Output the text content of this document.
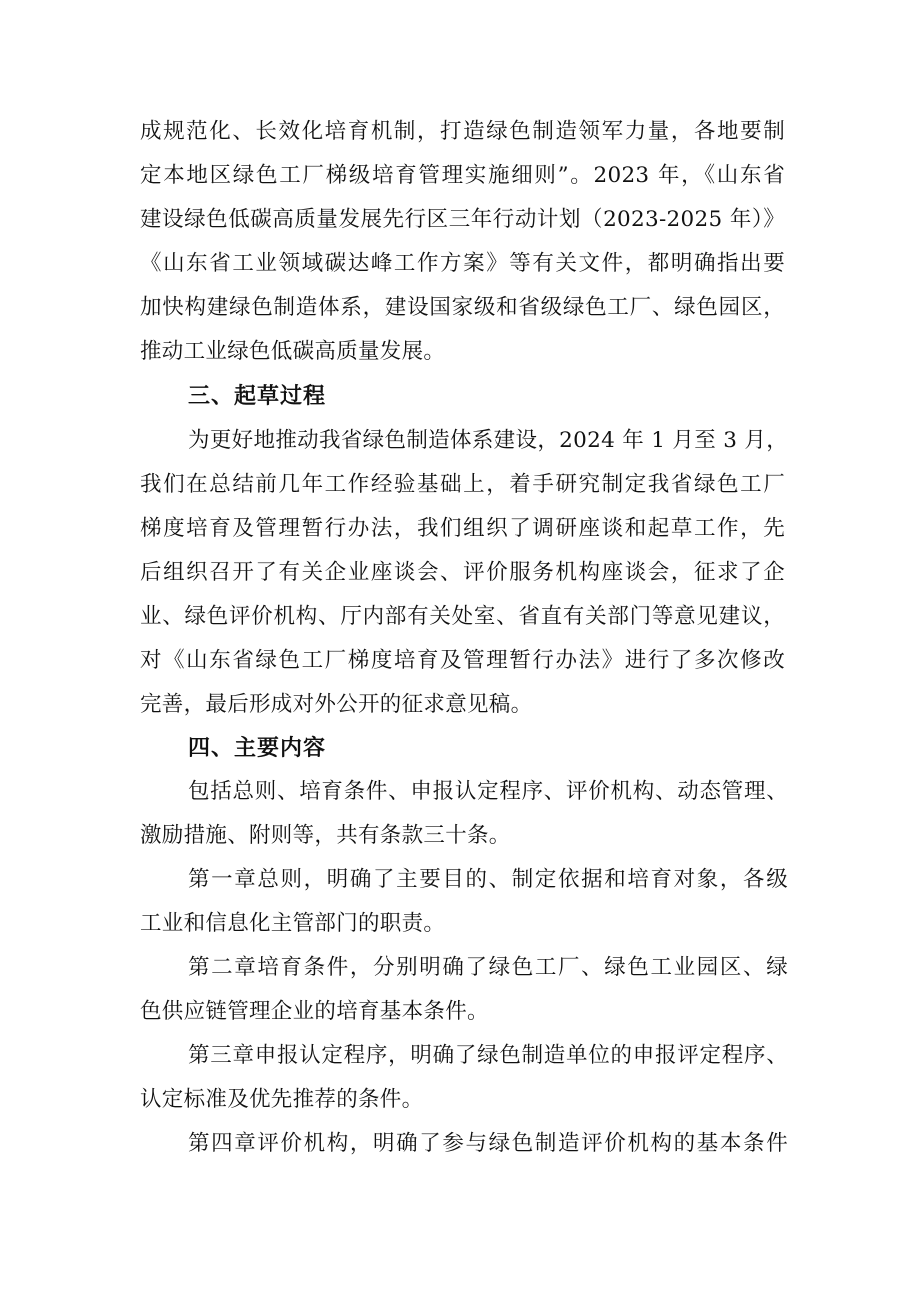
成规范化、长效化培育机制，打造绿色制造领军力量，各地要制
定本地区绿色工厂梯级培育管理实施细则”。2023 年，《山东省
建设绿色低碳高质量发展先行区三年行动计划（2023-2025 年）》
《山东省工业领域碳达峰工作方案》等有关文件，都明确指出要
加快构建绿色制造体系，建设国家级和省级绿色工厂、绿色园区，
推动工业绿色低碳高质量发展。
三、起草过程
为更好地推动我省绿色制造体系建设，2024 年 1 月至 3 月，
我们在总结前几年工作经验基础上，着手研究制定我省绿色工厂
梯度培育及管理暂行办法，我们组织了调研座谈和起草工作，先
后组织召开了有关企业座谈会、评价服务机构座谈会，征求了企
业、绿色评价机构、厅内部有关处室、省直有关部门等意见建议，
对《山东省绿色工厂梯度培育及管理暂行办法》进行了多次修改
完善，最后形成对外公开的征求意见稿。
四、主要内容
包括总则、培育条件、申报认定程序、评价机构、动态管理、
激励措施、附则等，共有条款三十条。
第一章总则，明确了主要目的、制定依据和培育对象，各级
工业和信息化主管部门的职责。
第二章培育条件，分别明确了绿色工厂、绿色工业园区、绿
色供应链管理企业的培育基本条件。
第三章申报认定程序，明确了绿色制造单位的申报评定程序、
认定标准及优先推荐的条件。
第四章评价机构，明确了参与绿色制造评价机构的基本条件
